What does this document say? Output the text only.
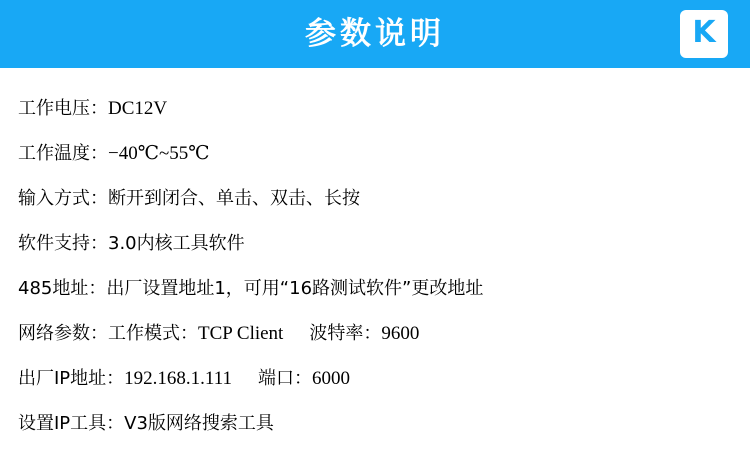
参数说明	K
工作电压： DC12V
工作温度： −40℃~55℃
输入方式： 断开到闭合、单击、双击、长按
软件支持： 3.0内核工具软件
485地址： 出厂设置地址1，可用“16路测试软件”更改地址
网络参数：工作模式： TCP Client	波特率： 9600
出厂IP地址： 192.168.1.111	端口： 6000
设置IP工具： V3版网络搜索工具
